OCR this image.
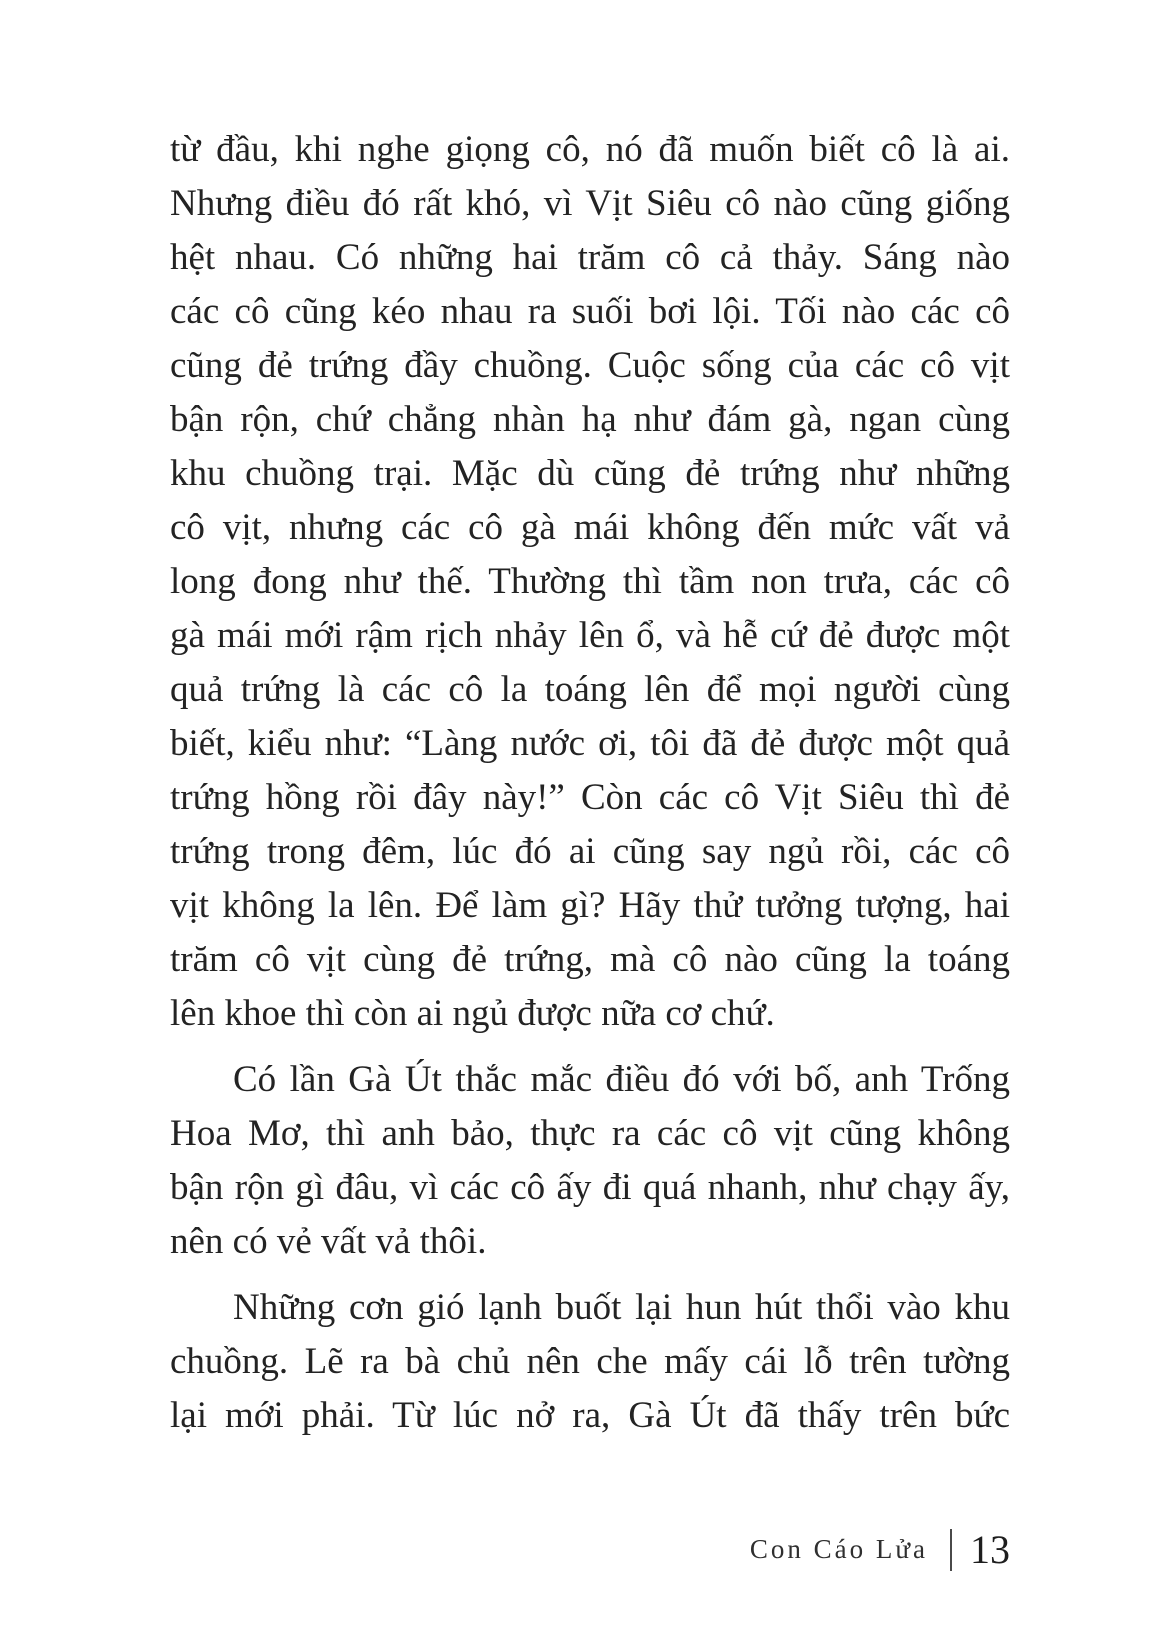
từ đầu, khi nghe giọng cô, nó đã muốn biết cô là ai.
Nhưng điều đó rất khó, vì Vịt Siêu cô nào cũng giống
hệt nhau. Có những hai trăm cô cả thảy. Sáng nào
các cô cũng kéo nhau ra suối bơi lội. Tối nào các cô
cũng đẻ trứng đầy chuồng. Cuộc sống của các cô vịt
bận rộn, chứ chẳng nhàn hạ như đám gà, ngan cùng
khu chuồng trại. Mặc dù cũng đẻ trứng như những
cô vịt, nhưng các cô gà mái không đến mức vất vả
long đong như thế. Thường thì tầm non trưa, các cô
gà mái mới rậm rịch nhảy lên ổ, và hễ cứ đẻ được một
quả trứng là các cô la toáng lên để mọi người cùng
biết, kiểu như: “Làng nước ơi, tôi đã đẻ được một quả
trứng hồng rồi đây này!” Còn các cô Vịt Siêu thì đẻ
trứng trong đêm, lúc đó ai cũng say ngủ rồi, các cô
vịt không la lên. Để làm gì? Hãy thử tưởng tượng, hai
trăm cô vịt cùng đẻ trứng, mà cô nào cũng la toáng
lên khoe thì còn ai ngủ được nữa cơ chứ.
Có lần Gà Út thắc mắc điều đó với bố, anh Trống
Hoa Mơ, thì anh bảo, thực ra các cô vịt cũng không
bận rộn gì đâu, vì các cô ấy đi quá nhanh, như chạy ấy,
nên có vẻ vất vả thôi.
Những cơn gió lạnh buốt lại hun hút thổi vào khu
chuồng. Lẽ ra bà chủ nên che mấy cái lỗ trên tường
lại mới phải. Từ lúc nở ra, Gà Út đã thấy trên bức
Con Cáo Lửa 13
